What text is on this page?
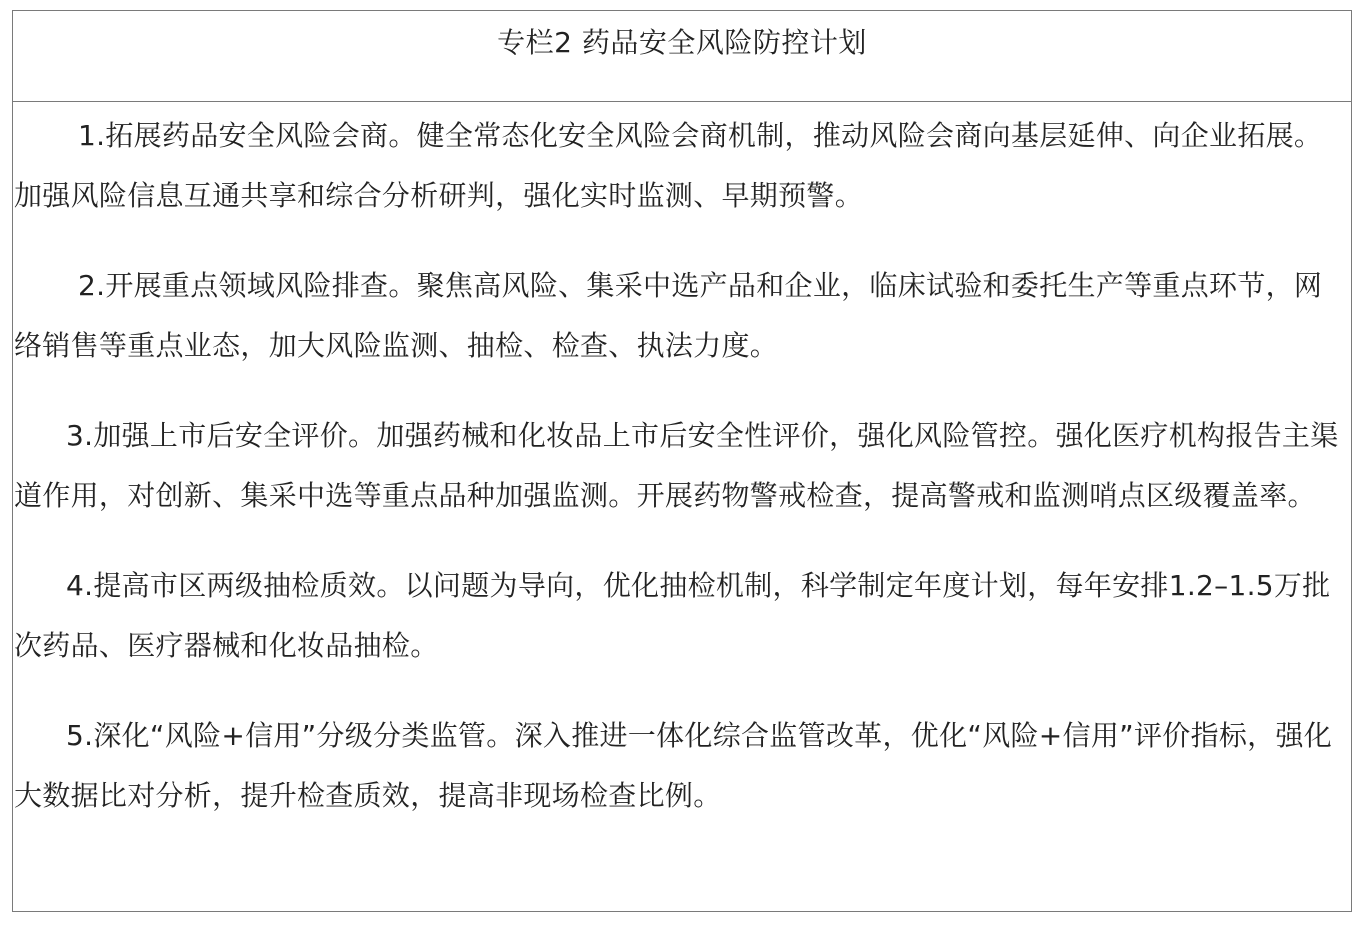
专栏2 药品安全风险防控计划

1.拓展药品安全风险会商。健全常态化安全风险会商机制，推动风险会商向基层延伸、向企业拓展。加强风险信息互通共享和综合分析研判，强化实时监测、早期预警。

2.开展重点领域风险排查。聚焦高风险、集采中选产品和企业，临床试验和委托生产等重点环节，网络销售等重点业态，加大风险监测、抽检、检查、执法力度。

3.加强上市后安全评价。加强药械和化妆品上市后安全性评价，强化风险管控。强化医疗机构报告主渠道作用，对创新、集采中选等重点品种加强监测。开展药物警戒检查，提高警戒和监测哨点区级覆盖率。

4.提高市区两级抽检质效。以问题为导向，优化抽检机制，科学制定年度计划，每年安排1.2–1.5万批次药品、医疗器械和化妆品抽检。

5.深化“风险+信用”分级分类监管。深入推进一体化综合监管改革，优化“风险+信用”评价指标，强化大数据比对分析，提升检查质效，提高非现场检查比例。
